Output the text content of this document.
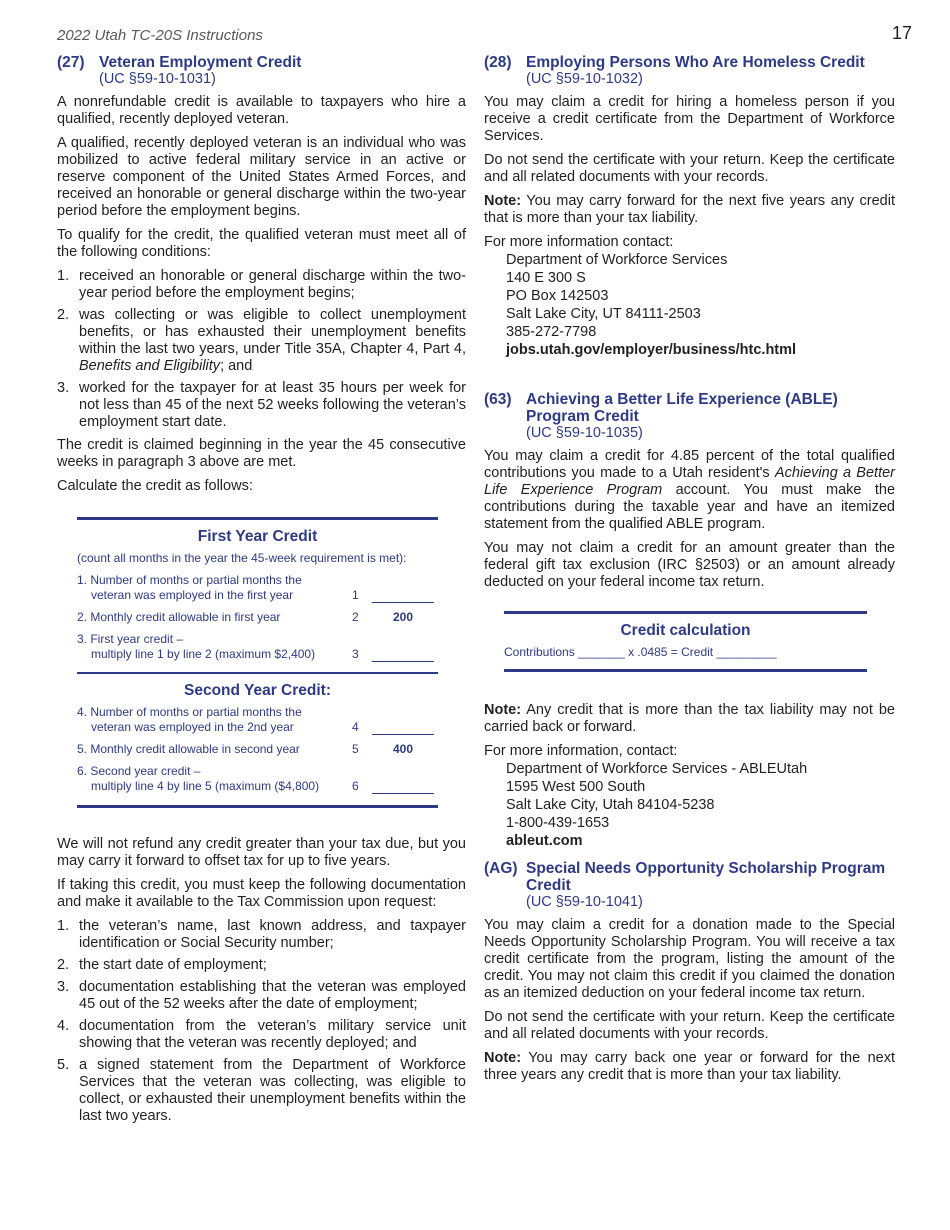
2022 Utah TC-20S Instructions	17
(27) Veteran Employment Credit
(UC §59-10-1031)

A nonrefundable credit is available to taxpayers who hire a qualified, recently deployed veteran.

A qualified, recently deployed veteran is an individual who was mobilized to active federal military service in an active or reserve component of the United States Armed Forces, and received an honorable or general discharge within the two-year period before the employment begins.

To qualify for the credit, the qualified veteran must meet all of the following conditions:

1. received an honorable or general discharge within the two-year period before the employment begins;
2. was collecting or was eligible to collect unemployment benefits, or has exhausted their unemployment benefits within the last two years, under Title 35A, Chapter 4, Part 4, Benefits and Eligibility; and
3. worked for the taxpayer for at least 35 hours per week for not less than 45 of the next 52 weeks following the veteran’s employment start date.

The credit is claimed beginning in the year the 45 consecutive weeks in paragraph 3 above are met.

Calculate the credit as follows:

First Year Credit
(count all months in the year the 45-week requirement is met):
1. Number of months or partial months the
veteran was employed in the first year	1
2. Monthly credit allowable in first year	2	200
3. First year credit –
multiply line 1 by line 2 (maximum $2,400)	3
Second Year Credit:
4. Number of months or partial months the
veteran was employed in the 2nd year	4
5. Monthly credit allowable in second year	5	400
6. Second year credit –
multiply line 4 by line 5 (maximum ($4,800)	6

We will not refund any credit greater than your tax due, but you may carry it forward to offset tax for up to five years.

If taking this credit, you must keep the following documentation and make it available to the Tax Commission upon request:

1. the veteran’s name, last known address, and taxpayer identification or Social Security number;
2. the start date of employment;
3. documentation establishing that the veteran was employed 45 out of the 52 weeks after the date of employment;
4. documentation from the veteran’s military service unit showing that the veteran was recently deployed; and
5. a signed statement from the Department of Workforce Services that the veteran was collecting, was eligible to collect, or exhausted their unemployment benefits within the last two years.
(28) Employing Persons Who Are Homeless Credit
(UC §59-10-1032)

You may claim a credit for hiring a homeless person if you receive a credit certificate from the Department of Workforce Services.

Do not send the certificate with your return. Keep the certificate and all related documents with your records.

Note: You may carry forward for the next five years any credit that is more than your tax liability.

For more information contact:

Department of Workforce Services
140 E 300 S
PO Box 142503
Salt Lake City, UT 84111-2503
385-272-7798
jobs.utah.gov/employer/business/htc.html
(63) Achieving a Better Life Experience (ABLE) Program Credit
(UC §59-10-1035)

You may claim a credit for 4.85 percent of the total qualified contributions you made to a Utah resident's Achieving a Better Life Experience Program account. You must make the contributions during the taxable year and have an itemized statement from the qualified ABLE program.

You may not claim a credit for an amount greater than the federal gift tax exclusion (IRC §2503) or an amount already deducted on your federal income tax return.

Credit calculation
Contributions _______ x .0485 = Credit _________

Note: Any credit that is more than the tax liability may not be carried back or forward.

For more information, contact:

Department of Workforce Services - ABLEUtah
1595 West 500 South
Salt Lake City, Utah 84104-5238
1-800-439-1653
ableut.com
(AG) Special Needs Opportunity Scholarship Program Credit
(UC §59-10-1041)

You may claim a credit for a donation made to the Special Needs Opportunity Scholarship Program. You will receive a tax credit certificate from the program, listing the amount of the credit. You may not claim this credit if you claimed the donation as an itemized deduction on your federal income tax return.

Do not send the certificate with your return. Keep the certificate and all related documents with your records.

Note: You may carry back one year or forward for the next three years any credit that is more than your tax liability.
